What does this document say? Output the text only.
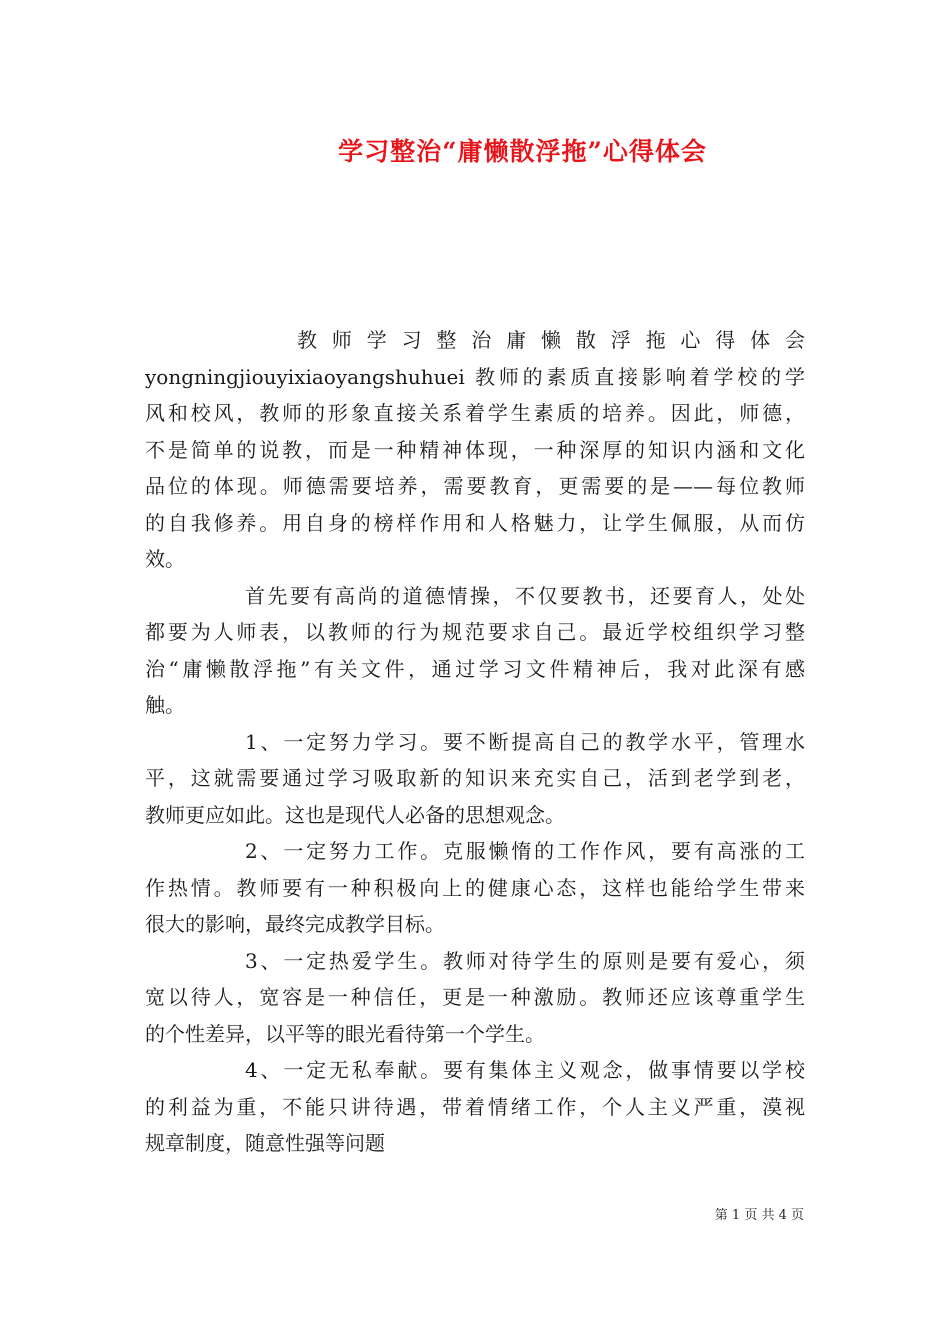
学习整治“庸懒散浮拖”心得体会
教 师 学 习 整 治 庸 懒 散 浮 拖 心 得 体 会
yongningjiouyixiaoyangshuhuei 教师的素质直接影响着学校的学
风和校风，教师的形象直接关系着学生素质的培养。因此，师德，
不是简单的说教，而是一种精神体现，一种深厚的知识内涵和文化
品位的体现。师德需要培养，需要教育，更需要的是——每位教师
的自我修养。用自身的榜样作用和人格魅力，让学生佩服，从而仿
效。
首先要有高尚的道德情操，不仅要教书，还要育人，处处
都要为人师表，以教师的行为规范要求自己。最近学校组织学习整
治“庸懒散浮拖”有关文件，通过学习文件精神后，我对此深有感
触。
1、一定努力学习。要不断提高自己的教学水平，管理水
平，这就需要通过学习吸取新的知识来充实自己，活到老学到老，
教师更应如此。这也是现代人必备的思想观念。
2、一定努力工作。克服懒惰的工作作风，要有高涨的工
作热情。教师要有一种积极向上的健康心态，这样也能给学生带来
很大的影响，最终完成教学目标。
3、一定热爱学生。教师对待学生的原则是要有爱心，须
宽以待人，宽容是一种信任，更是一种激励。教师还应该尊重学生
的个性差异，以平等的眼光看待第一个学生。
4、一定无私奉献。要有集体主义观念，做事情要以学校
的利益为重，不能只讲待遇，带着情绪工作，个人主义严重，漠视
规章制度，随意性强等问题
第 1 页 共 4 页
